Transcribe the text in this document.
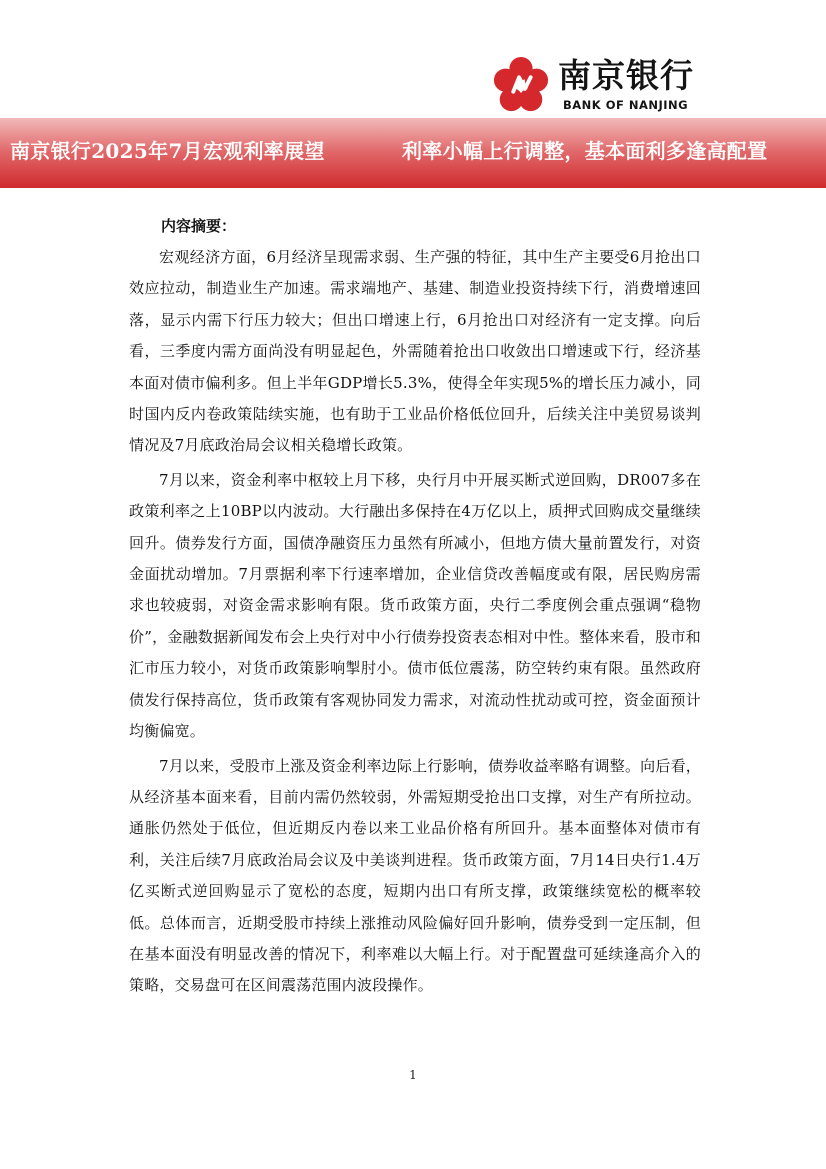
南京银行
BANK OF NANJING
南京银行2025年7月宏观利率展望	利率小幅上行调整，基本面利多逢高配置
内容摘要：

宏观经济方面，6月经济呈现需求弱、生产强的特征，其中生产主要受6月抢出口效应拉动，制造业生产加速。需求端地产、基建、制造业投资持续下行，消费增速回落，显示内需下行压力较大；但出口增速上行，6月抢出口对经济有一定支撑。向后看，三季度内需方面尚没有明显起色，外需随着抢出口收敛出口增速或下行，经济基本面对债市偏利多。但上半年GDP增长5.3%，使得全年实现5%的增长压力减小，同时国内反内卷政策陆续实施，也有助于工业品价格低位回升，后续关注中美贸易谈判情况及7月底政治局会议相关稳增长政策。

7月以来，资金利率中枢较上月下移，央行月中开展买断式逆回购，DR007多在政策利率之上10BP以内波动。大行融出多保持在4万亿以上，质押式回购成交量继续回升。债券发行方面，国债净融资压力虽然有所减小，但地方债大量前置发行，对资金面扰动增加。7月票据利率下行速率增加，企业信贷改善幅度或有限，居民购房需求也较疲弱，对资金需求影响有限。货币政策方面，央行二季度例会重点强调“稳物价”，金融数据新闻发布会上央行对中小行债券投资表态相对中性。整体来看，股市和汇市压力较小，对货币政策影响掣肘小。债市低位震荡，防空转约束有限。虽然政府债发行保持高位，货币政策有客观协同发力需求，对流动性扰动或可控，资金面预计均衡偏宽。

7月以来，受股市上涨及资金利率边际上行影响，债券收益率略有调整。向后看，从经济基本面来看，目前内需仍然较弱，外需短期受抢出口支撑，对生产有所拉动。通胀仍然处于低位，但近期反内卷以来工业品价格有所回升。基本面整体对债市有利，关注后续7月底政治局会议及中美谈判进程。货币政策方面，7月14日央行1.4万亿买断式逆回购显示了宽松的态度，短期内出口有所支撑，政策继续宽松的概率较低。总体而言，近期受股市持续上涨推动风险偏好回升影响，债券受到一定压制，但在基本面没有明显改善的情况下，利率难以大幅上行。对于配置盘可延续逢高介入的策略，交易盘可在区间震荡范围内波段操作。

1
